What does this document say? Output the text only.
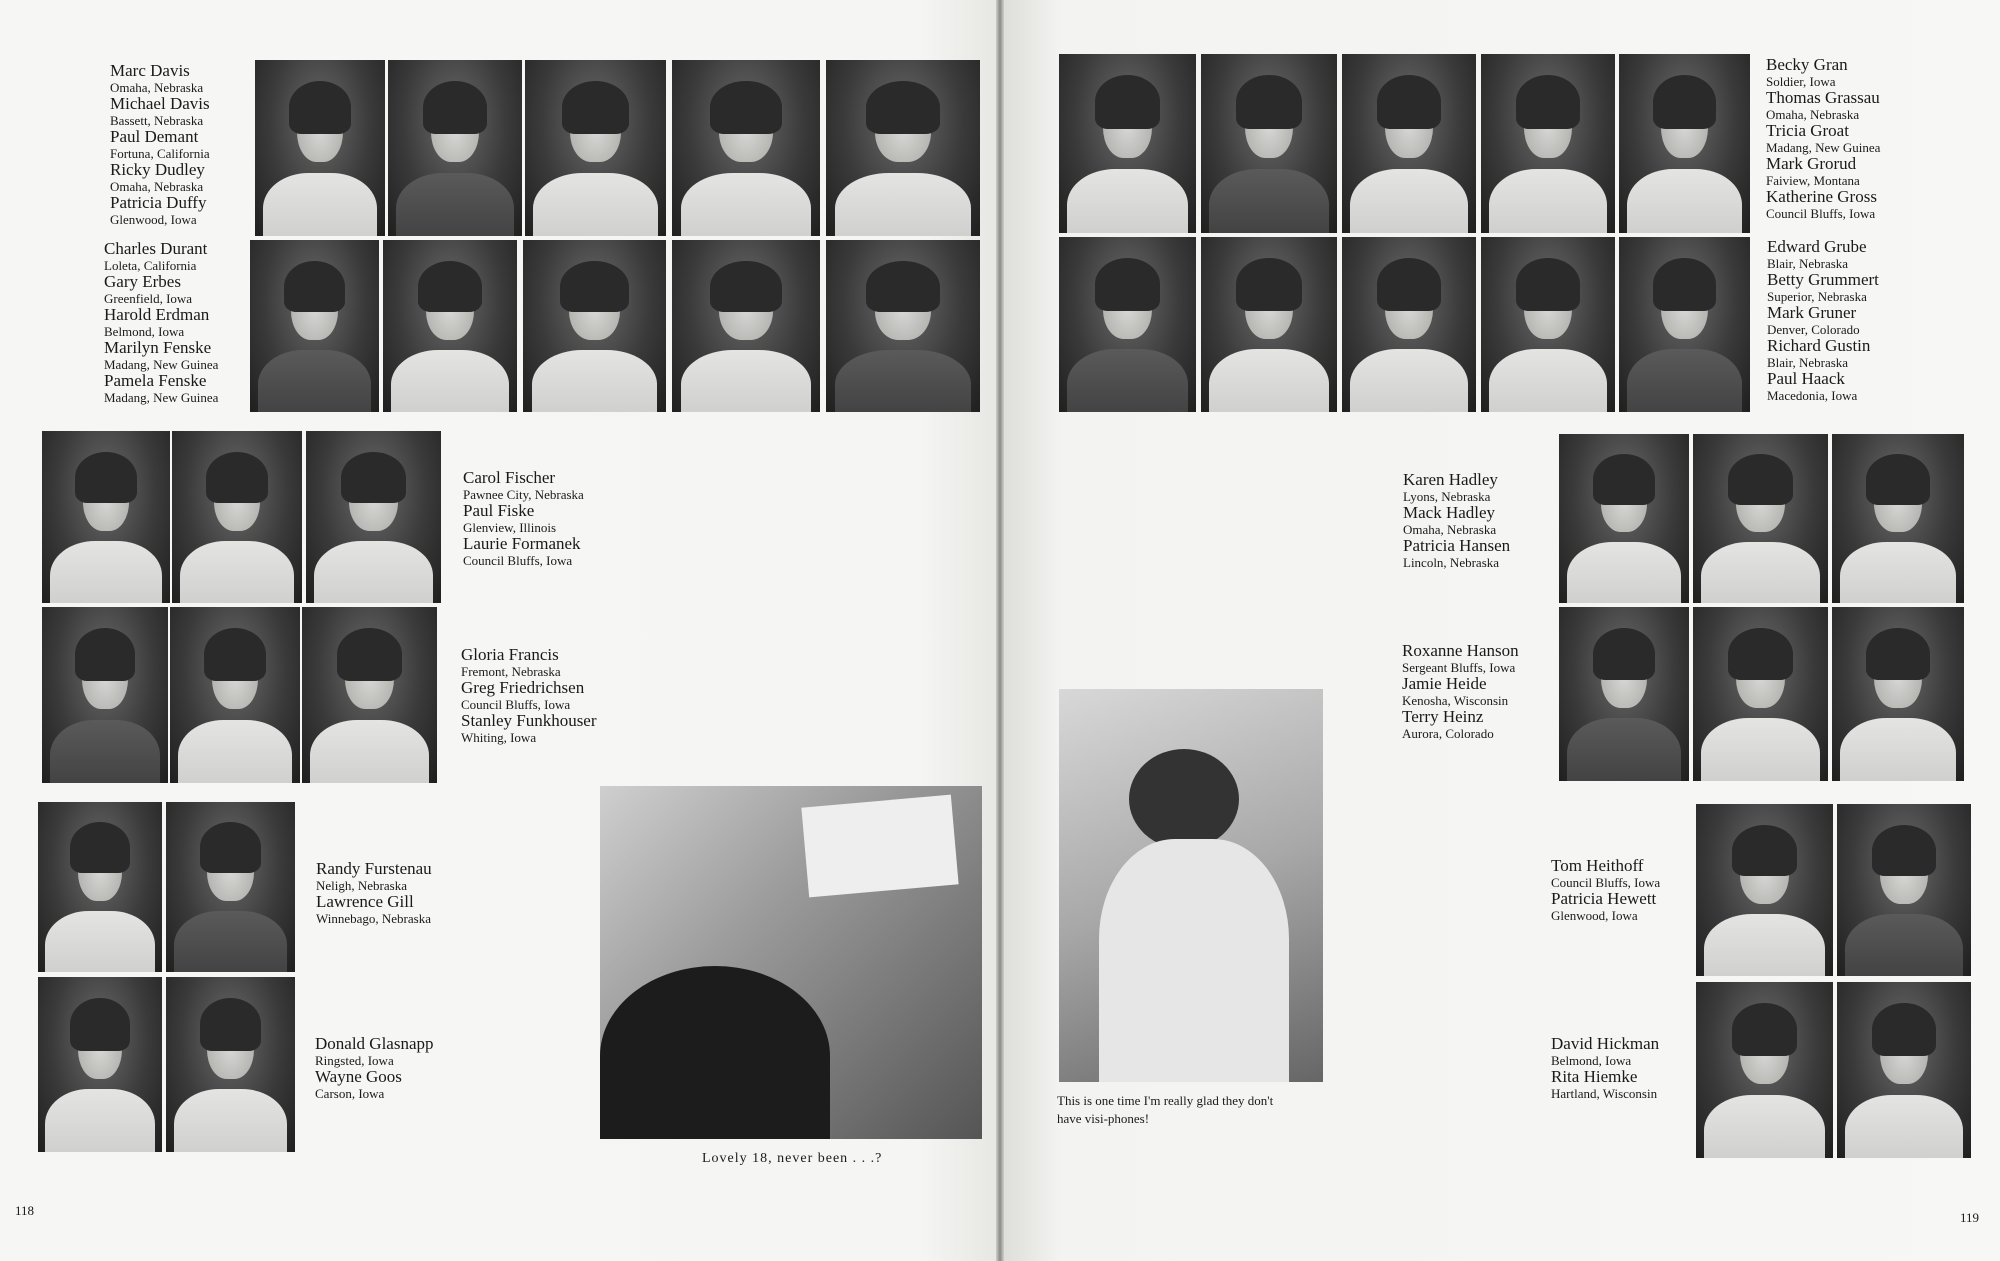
Marc Davis
Omaha, Nebraska
Michael Davis
Bassett, Nebraska
Paul Demant
Fortuna, California
Ricky Dudley
Omaha, Nebraska
Patricia Duffy
Glenwood, Iowa
Charles Durant
Loleta, California
Gary Erbes
Greenfield, Iowa
Harold Erdman
Belmond, Iowa
Marilyn Fenske
Madang, New Guinea
Pamela Fenske
Madang, New Guinea
Carol Fischer
Pawnee City, Nebraska
Paul Fiske
Glenview, Illinois
Laurie Formanek
Council Bluffs, Iowa
Gloria Francis
Fremont, Nebraska
Greg Friedrichsen
Council Bluffs, Iowa
Stanley Funkhouser
Whiting, Iowa
Randy Furstenau
Neligh, Nebraska
Lawrence Gill
Winnebago, Nebraska
Donald Glasnapp
Ringsted, Iowa
Wayne Goos
Carson, Iowa
Becky Gran
Soldier, Iowa
Thomas Grassau
Omaha, Nebraska
Tricia Groat
Madang, New Guinea
Mark Grorud
Faiview, Montana
Katherine Gross
Council Bluffs, Iowa
Edward Grube
Blair, Nebraska
Betty Grummert
Superior, Nebraska
Mark Gruner
Denver, Colorado
Richard Gustin
Blair, Nebraska
Paul Haack
Macedonia, Iowa
Karen Hadley
Lyons, Nebraska
Mack Hadley
Omaha, Nebraska
Patricia Hansen
Lincoln, Nebraska
Roxanne Hanson
Sergeant Bluffs, Iowa
Jamie Heide
Kenosha, Wisconsin
Terry Heinz
Aurora, Colorado
Tom Heithoff
Council Bluffs, Iowa
Patricia Hewett
Glenwood, Iowa
David Hickman
Belmond, Iowa
Rita Hiemke
Hartland, Wisconsin
Lovely 18, never been . . .?
This is one time I'm really glad they don't
have visi-phones!
118	119
